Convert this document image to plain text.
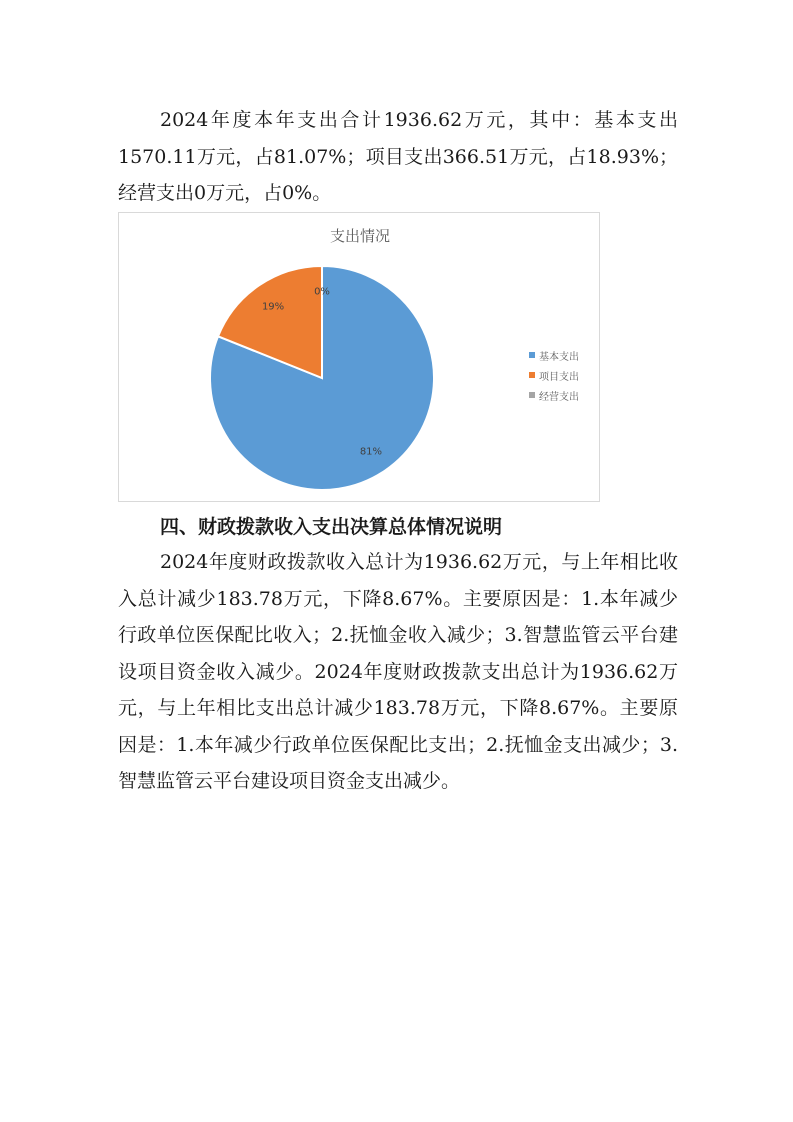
2024年度本年支出合计1936.62万元，其中：基本支出1570.11万元，占81.07%；项目支出366.51万元，占18.93%；经营支出0万元，占0%。

支出情况
81%
19%
0%
基本支出
项目支出
经营支出
四、财政拨款收入支出决算总体情况说明

2024年度财政拨款收入总计为1936.62万元，与上年相比收入总计减少183.78万元，下降8.67%。主要原因是：1.本年减少行政单位医保配比收入；2.抚恤金收入减少；3.智慧监管云平台建设项目资金收入减少。2024年度财政拨款支出总计为1936.62万元，与上年相比支出总计减少183.78万元，下降8.67%。主要原因是：1.本年减少行政单位医保配比支出；2.抚恤金支出减少；3.智慧监管云平台建设项目资金支出减少。
